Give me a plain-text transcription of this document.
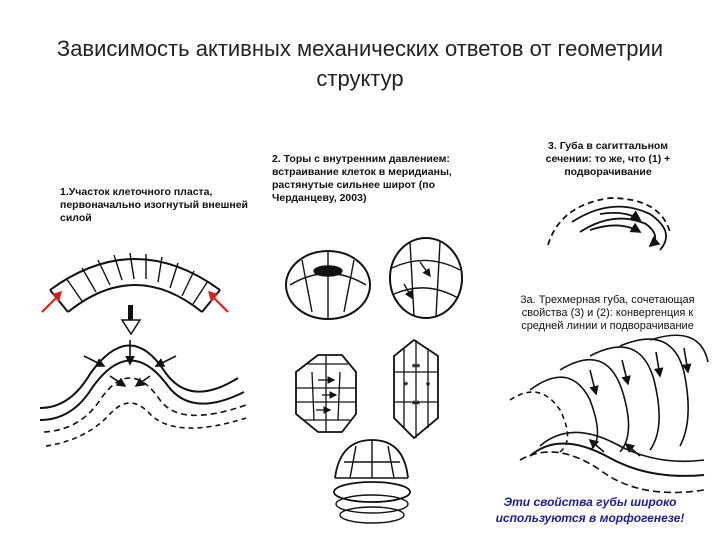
Зависимость активных механических ответов от геометрии структур
1.Участок клеточного пласта, первоначально изогнутый внешней силой
2. Торы с внутренним давлением: встраивание клеток в меридианы, растянутые сильнее широт (по Черданцеву, 2003)
3. Губа в сагиттальном сечении: то же, что (1) + подворачивание
3а. Трехмерная губа, сочетающая свойства (3) и (2): конвергенция к средней линии и подворачивание
Эти свойства губы широко используются в морфогенезе!
**
* *
**
